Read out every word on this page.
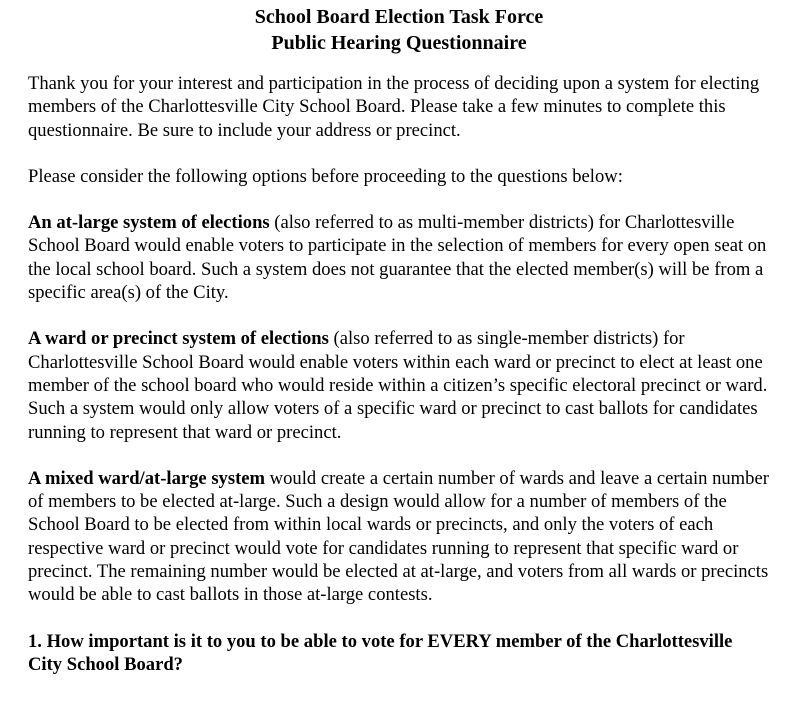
School Board Election Task Force
Public Hearing Questionnaire

Thank you for your interest and participation in the process of deciding upon a system for electing members of the Charlottesville City School Board. Please take a few minutes to complete this questionnaire. Be sure to include your address or precinct.

Please consider the following options before proceeding to the questions below:

An at-large system of elections (also referred to as multi-member districts) for Charlottesville School Board would enable voters to participate in the selection of members for every open seat on the local school board. Such a system does not guarantee that the elected member(s) will be from a specific area(s) of the City.

A ward or precinct system of elections (also referred to as single-member districts) for Charlottesville School Board would enable voters within each ward or precinct to elect at least one member of the school board who would reside within a citizen’s specific electoral precinct or ward. Such a system would only allow voters of a specific ward or precinct to cast ballots for candidates running to represent that ward or precinct.

A mixed ward/at-large system would create a certain number of wards and leave a certain number of members to be elected at-large. Such a design would allow for a number of members of the School Board to be elected from within local wards or precincts, and only the voters of each respective ward or precinct would vote for candidates running to represent that specific ward or precinct. The remaining number would be elected at at-large, and voters from all wards or precincts would be able to cast ballots in those at-large contests.

1. How important is it to you to be able to vote for EVERY member of the Charlottesville City School Board?
